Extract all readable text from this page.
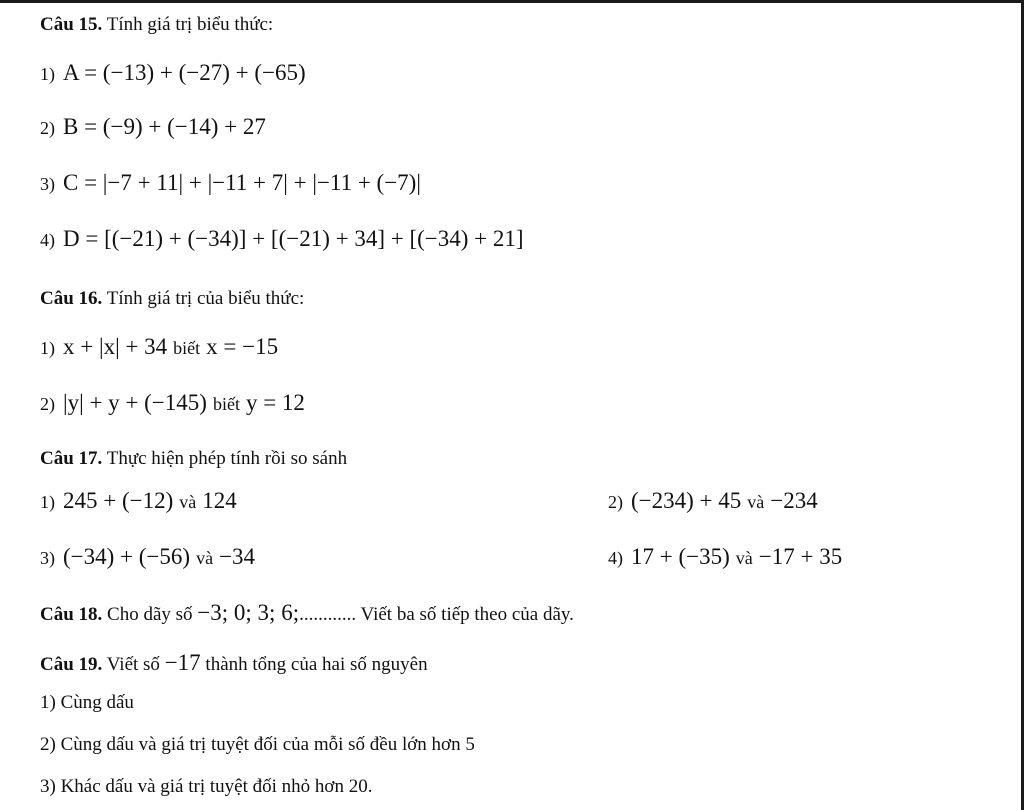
Câu 15. Tính giá trị biểu thức:
1) A = (−13) + (−27) + (−65)
2) B = (−9) + (−14) + 27
3) C = |−7 + 11| + |−11 + 7| + |−11 + (−7)|
4) D = [(−21) + (−34)] + [(−21) + 34] + [(−34) + 21]
Câu 16. Tính giá trị của biểu thức:
1) x + |x| + 34 biết x = −15
2) |y| + y + (−145) biết y = 12
Câu 17. Thực hiện phép tính rồi so sánh
1) 245 + (−12) và 124	2) (−234) + 45 và −234
3) (−34) + (−56) và −34	4) 17 + (−35) và −17 + 35
Câu 18. Cho dãy số −3; 0; 3; 6;............ Viết ba số tiếp theo của dãy.
Câu 19. Viết số −17 thành tổng của hai số nguyên
1) Cùng dấu
2) Cùng dấu và giá trị tuyệt đối của mỗi số đều lớn hơn 5
3) Khác dấu và giá trị tuyệt đối nhỏ hơn 20.
